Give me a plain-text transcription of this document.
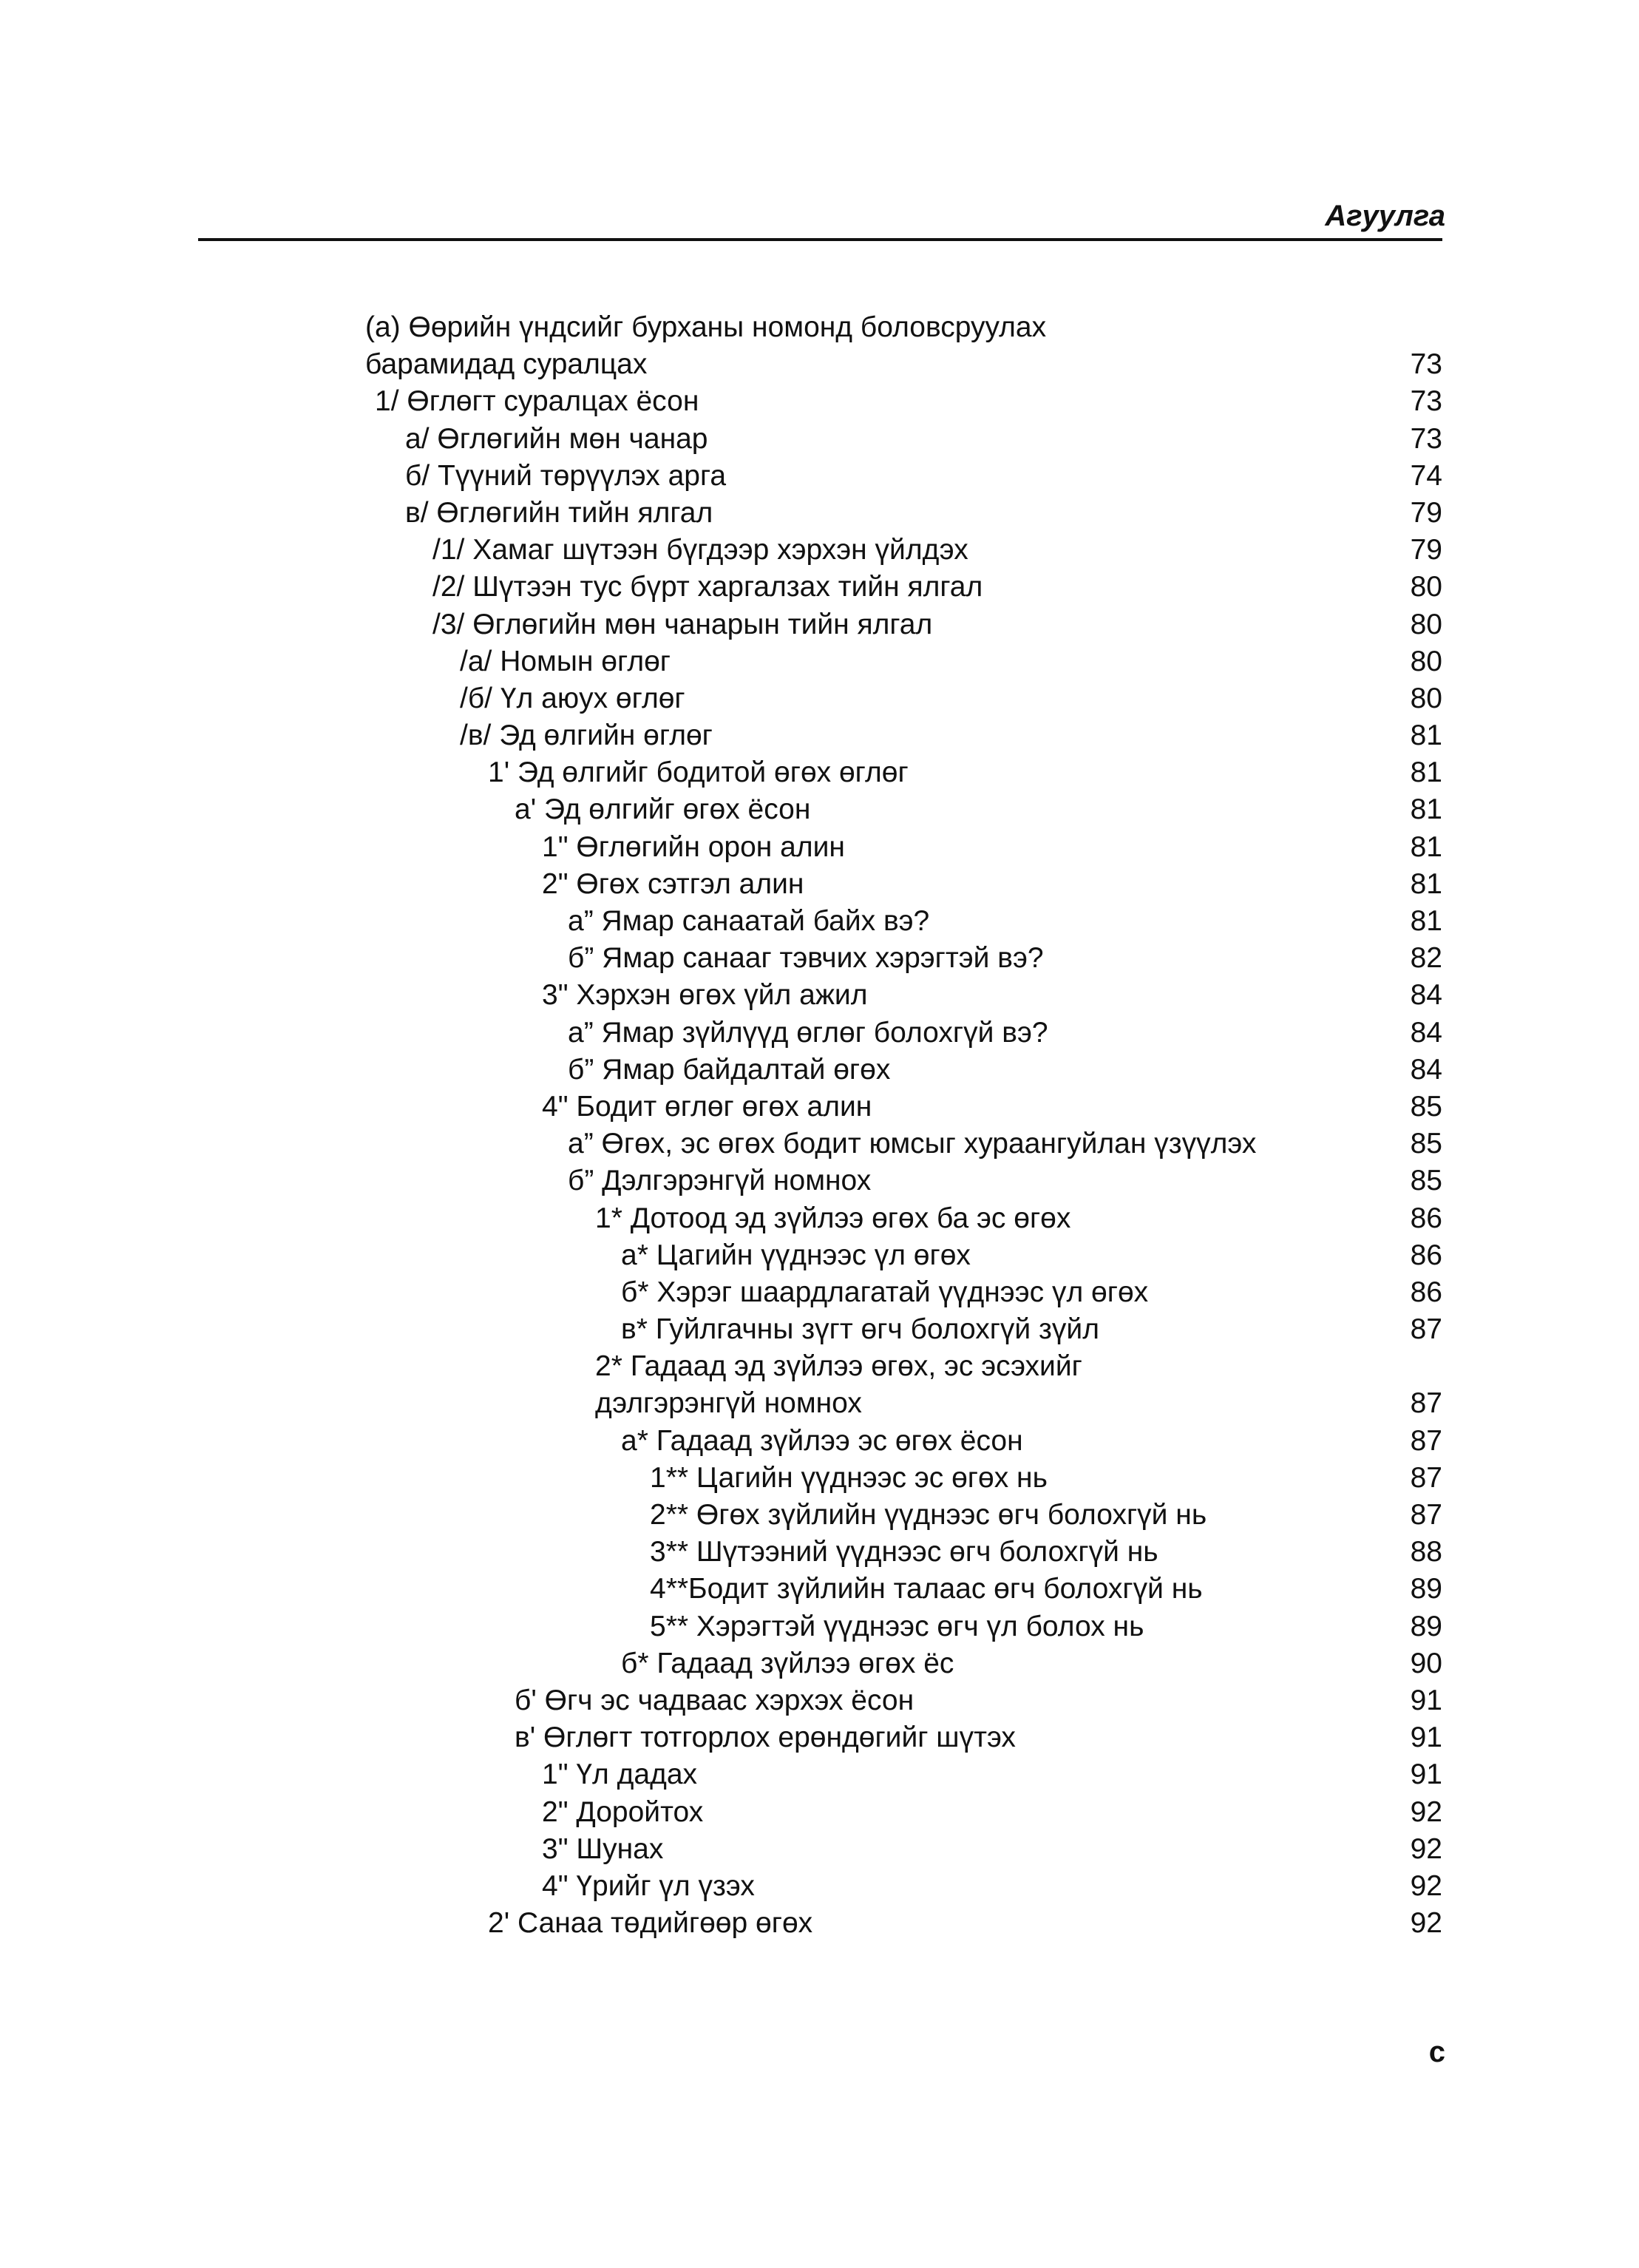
Агуулга
(а) Өөрийн үндсийг бурханы номонд боловсруулах
барамидад суралцах	73
1/ Өглөгт суралцах ёсон	73
а/ Өглөгийн мөн чанар	73
б/ Түүний төрүүлэх арга	74
в/ Өглөгийн тийн ялгал	79
/1/ Хамаг шүтээн бүгдээр хэрхэн үйлдэх	79
/2/ Шүтээн тус бүрт харгалзах тийн ялгал	80
/3/ Өглөгийн мөн чанарын тийн ялгал	80
/а/ Номын өглөг	80
/б/ Үл аюух өглөг	80
/в/ Эд өлгийн өглөг	81
1' Эд өлгийг бодитой өгөх өглөг	81
а' Эд өлгийг өгөх ёсон	81
1" Өглөгийн орон алин	81
2" Өгөх сэтгэл алин	81
а” Ямар санаатай байх вэ?	81
б” Ямар санааг тэвчих хэрэгтэй вэ?	82
3" Хэрхэн өгөх үйл ажил	84
а” Ямар зүйлүүд өглөг болохгүй вэ?	84
б” Ямар байдалтай өгөх	84
4" Бодит өглөг өгөх алин	85
а” Өгөх, эс өгөх бодит юмсыг хураангуйлан үзүүлэх	85
б” Дэлгэрэнгүй номнох	85
1* Дотоод эд зүйлээ өгөх ба эс өгөх	86
а* Цагийн үүднээс үл өгөх	86
б* Хэрэг шаардлагатай үүднээс үл өгөх	86
в* Гуйлгачны зүгт өгч болохгүй зүйл	87
2* Гадаад эд зүйлээ өгөх, эс эсэхийг
дэлгэрэнгүй номнох	87
а* Гадаад зүйлээ эс өгөх ёсон	87
1** Цагийн үүднээс эс өгөх нь	87
2** Өгөх зүйлийн үүднээс өгч болохгүй нь	87
3** Шүтээний үүднээс өгч болохгүй нь	88
4**Бодит зүйлийн талаас өгч болохгүй нь	89
5** Хэрэгтэй үүднээс өгч үл болох нь	89
б* Гадаад зүйлээ өгөх ёс	90
б' Өгч эс чадваас хэрхэх ёсон	91
в' Өглөгт тотгорлох ерөндөгийг шүтэх	91
1" Үл дадах	91
2" Доройтох	92
3" Шунах	92
4" Үрийг үл үзэх	92
2' Санаа төдийгөөр өгөх	92
с
